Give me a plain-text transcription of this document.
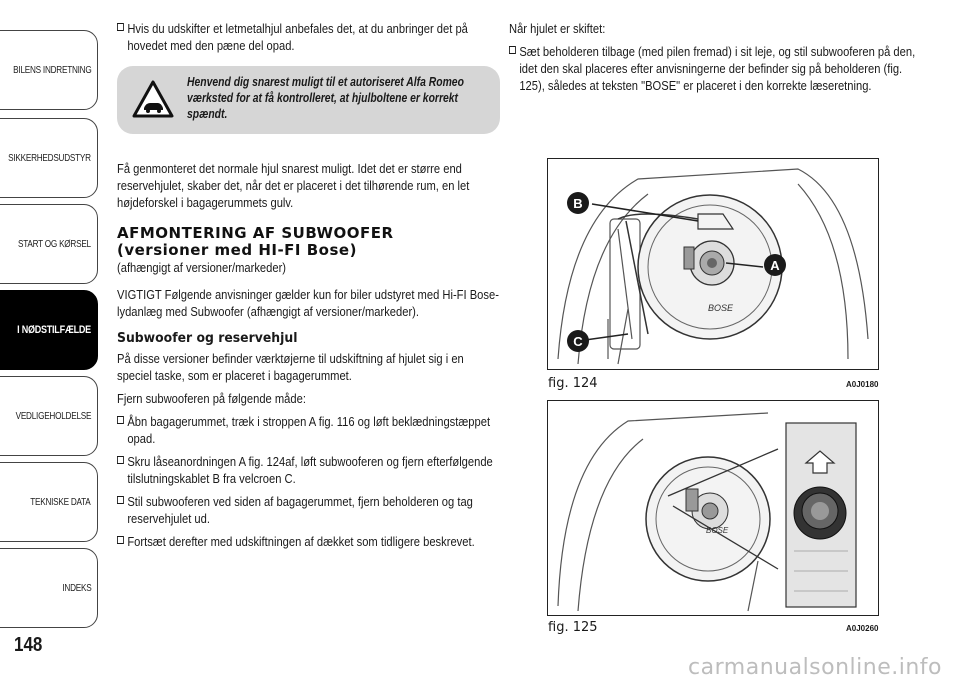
BILENS INDRETNING
SIKKERHEDSUDSTYR
START OG KØRSEL
I NØDSTILFÆLDE
VEDLIGEHOLDELSE
TEKNISKE DATA
INDEKS
148
Hvis du udskifter et letmetalhjul anbefales det, at du anbringer det på hovedet med den pæne del opad.
Henvend dig snarest muligt til et autoriseret Alfa Romeo værksted for at få kontrolleret, at hjulboltene er korrekt spændt.

Få genmonteret det normale hjul snarest muligt. Idet det er større end reservehjulet, skaber det, når det er placeret i det tilhørende rum, en let højdeforskel i bagagerummets gulv.

AFMONTERING AF SUBWOOFER
(versioner med HI-FI Bose)

(afhængigt af versioner/markeder)

VIGTIGT Følgende anvisninger gælder kun for biler udstyret med Hi-FI Bose-lydanlæg med Subwoofer (afhængigt af versioner/markeder).

Subwoofer og reservehjul

På disse versioner befinder værktøjerne til udskiftning af hjulet sig i en speciel taske, som er placeret i bagagerummet.

Fjern subwooferen på følgende måde:

Åbn bagagerummet, træk i stroppen A fig. 116 og løft beklædningstæppet opad.

Skru låseanordningen A fig. 124af, løft subwooferen og fjern efterfølgende tilslutningskablet B fra velcroen C.

Stil subwooferen ved siden af bagagerummet, fjern beholderen og tag reservehjulet ud.

Fortsæt derefter med udskiftningen af dækket som tidligere beskrevet.

Når hjulet er skiftet:

Sæt beholderen tilbage (med pilen fremad) i sit leje, og stil subwooferen på den, idet den skal placeres efter anvisningerne der befinder sig på beholderen (fig. 125), således at teksten "BOSE" er placeret i den korrekte læseretning.

BOSE
B
A
C
fig. 124	A0J0180
BOSE
fig. 125	A0J0260
carmanualsonline.info
